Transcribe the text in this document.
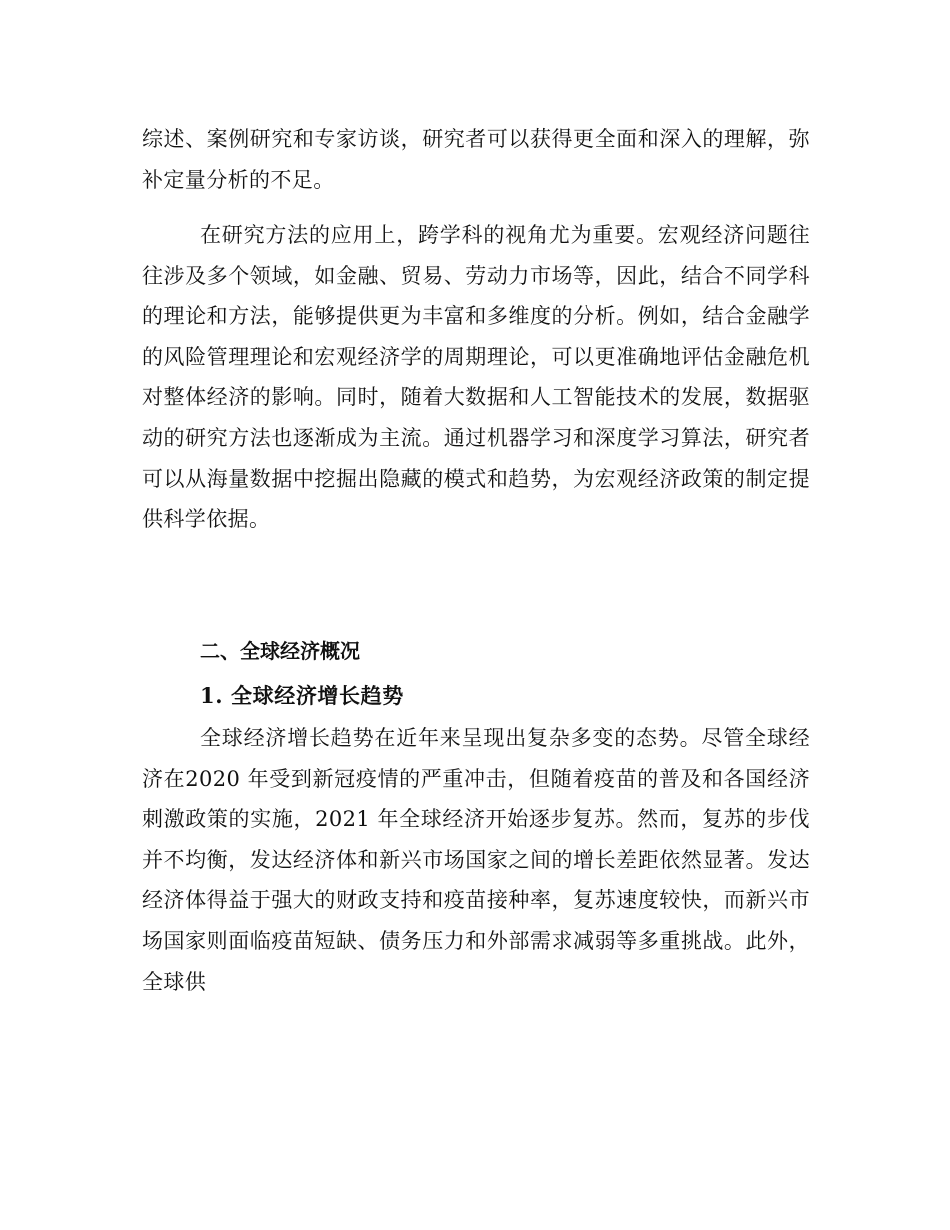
综述、案例研究和专家访谈，研究者可以获得更全面和深入的理解，弥补定量分析的不足。

在研究方法的应用上，跨学科的视角尤为重要。宏观经济问题往往涉及多个领域，如金融、贸易、劳动力市场等，因此，结合不同学科的理论和方法，能够提供更为丰富和多维度的分析。例如，结合金融学的风险管理理论和宏观经济学的周期理论，可以更准确地评估金融危机对整体经济的影响。同时，随着大数据和人工智能技术的发展，数据驱动的研究方法也逐渐成为主流。通过机器学习和深度学习算法，研究者可以从海量数据中挖掘出隐藏的模式和趋势，为宏观经济政策的制定提供科学依据。

二、全球经济概况
1. 全球经济增长趋势

全球经济增长趋势在近年来呈现出复杂多变的态势。尽管全球经济在2020 年受到新冠疫情的严重冲击，但随着疫苗的普及和各国经济刺激政策的实施，2021 年全球经济开始逐步复苏。然而，复苏的步伐并不均衡，发达经济体和新兴市场国家之间的增长差距依然显著。发达经济体得益于强大的财政支持和疫苗接种率，复苏速度较快，而新兴市场国家则面临疫苗短缺、债务压力和外部需求减弱等多重挑战。此外，全球供
